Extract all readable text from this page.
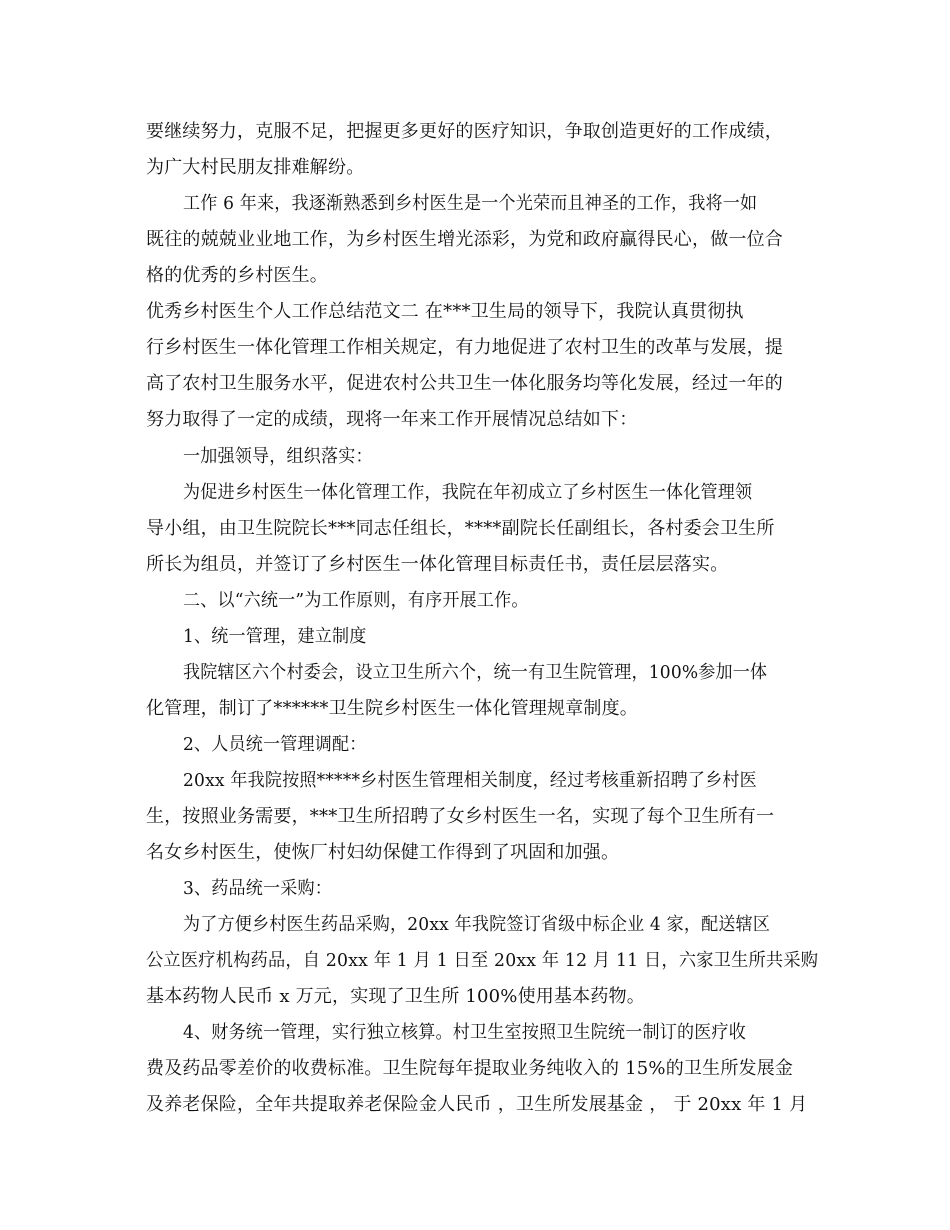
要继续努力，克服不足，把握更多更好的医疗知识，争取创造更好的工作成绩，
为广大村民朋友排难解纷。
工作 6 年来，我逐渐熟悉到乡村医生是一个光荣而且神圣的工作，我将一如
既往的兢兢业业地工作，为乡村医生增光添彩，为党和政府赢得民心，做一位合
格的优秀的乡村医生。
优秀乡村医生个人工作总结范文二 在***卫生局的领导下，我院认真贯彻执
行乡村医生一体化管理工作相关规定，有力地促进了农村卫生的改革与发展，提
高了农村卫生服务水平，促进农村公共卫生一体化服务均等化发展，经过一年的
努力取得了一定的成绩，现将一年来工作开展情况总结如下：
一加强领导，组织落实：
为促进乡村医生一体化管理工作，我院在年初成立了乡村医生一体化管理领
导小组，由卫生院院长***同志任组长，****副院长任副组长，各村委会卫生所
所长为组员，并签订了乡村医生一体化管理目标责任书，责任层层落实。
二、以“六统一”为工作原则，有序开展工作。
1、统一管理，建立制度
我院辖区六个村委会，设立卫生所六个，统一有卫生院管理，100%参加一体
化管理，制订了******卫生院乡村医生一体化管理规章制度。
2、人员统一管理调配：
20xx 年我院按照*****乡村医生管理相关制度，经过考核重新招聘了乡村医
生，按照业务需要，***卫生所招聘了女乡村医生一名，实现了每个卫生所有一
名女乡村医生，使恢厂村妇幼保健工作得到了巩固和加强。
3、药品统一采购：
为了方便乡村医生药品采购，20xx 年我院签订省级中标企业 4 家，配送辖区
公立医疗机构药品，自 20xx 年 1 月 1 日至 20xx 年 12 月 11 日，六家卫生所共采购
基本药物人民币 x 万元，实现了卫生所 100%使用基本药物。
4、财务统一管理，实行独立核算。村卫生室按照卫生院统一制订的医疗收
费及药品零差价的收费标准。卫生院每年提取业务纯收入的 15%的卫生所发展金
及养老保险，全年共提取养老保险金人民币 ，卫生所发展基金 ， 于 20xx 年 1 月
